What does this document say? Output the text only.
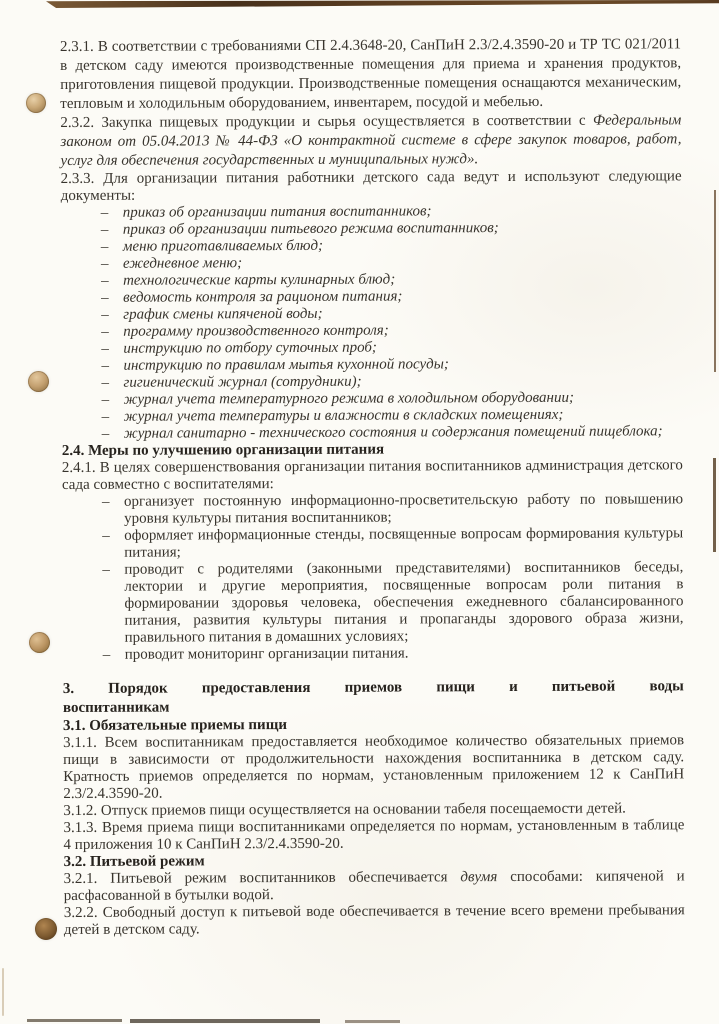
2.3.1. В соответствии с требованиями СП 2.4.3648-20, СанПиН 2.3/2.4.3590-20 и ТР ТС 021/2011 в детском саду имеются производственные помещения для приема и хранения продуктов, приготовления пищевой продукции. Производственные помещения оснащаются механическим, тепловым и холодильным оборудованием, инвентарем, посудой и мебелью.

2.3.2. Закупка пищевых продукции и сырья осуществляется в соответствии с Федеральным законом от 05.04.2013 № 44-ФЗ «О контрактной системе в сфере закупок товаров, работ, услуг для обеспечения государственных и муниципальных нужд».

2.3.3. Для организации питания работники детского сада ведут и используют следующие документы:

– приказ об организации питания воспитанников;
– приказ об организации питьевого режима воспитанников;
– меню приготавливаемых блюд;
– ежедневное меню;
– технологические карты кулинарных блюд;
– ведомость контроля за рационом питания;
– график смены кипяченой воды;
– программу производственного контроля;
– инструкцию по отбору суточных проб;
– инструкцию по правилам мытья кухонной посуды;
– гигиенический журнал (сотрудники);
– журнал учета температурного режима в холодильном оборудовании;
– журнал учета температуры и влажности в складских помещениях;
– журнал санитарно - технического состояния и содержания помещений пищеблока;

2.4. Меры по улучшению организации питания

2.4.1. В целях совершенствования организации питания воспитанников администрация детского сада совместно с воспитателями:

– организует постоянную информационно-просветительскую работу по повышению уровня культуры питания воспитанников;
– оформляет информационные стенды, посвященные вопросам формирования культуры питания;
– проводит с родителями (законными представителями) воспитанников беседы, лектории и другие мероприятия, посвященные вопросам роли питания в формировании здоровья человека, обеспечения ежедневного сбалансированного питания, развития культуры питания и пропаганды здорового образа жизни, правильного питания в домашних условиях;
– проводит мониторинг организации питания.
3. Порядок предоставления приемов пищи и питьевой воды
воспитанникам

3.1. Обязательные приемы пищи

3.1.1. Всем воспитанникам предоставляется необходимое количество обязательных приемов пищи в зависимости от продолжительности нахождения воспитанника в детском саду. Кратность приемов определяется по нормам, установленным приложением 12 к СанПиН 2.3/2.4.3590-20.

3.1.2. Отпуск приемов пищи осуществляется на основании табеля посещаемости детей.

3.1.3. Время приема пищи воспитанниками определяется по нормам, установленным в таблице 4 приложения 10 к СанПиН 2.3/2.4.3590-20.

3.2. Питьевой режим

3.2.1. Питьевой режим воспитанников обеспечивается двумя способами: кипяченой и расфасованной в бутылки водой.

3.2.2. Свободный доступ к питьевой воде обеспечивается в течение всего времени пребывания детей в детском саду.
